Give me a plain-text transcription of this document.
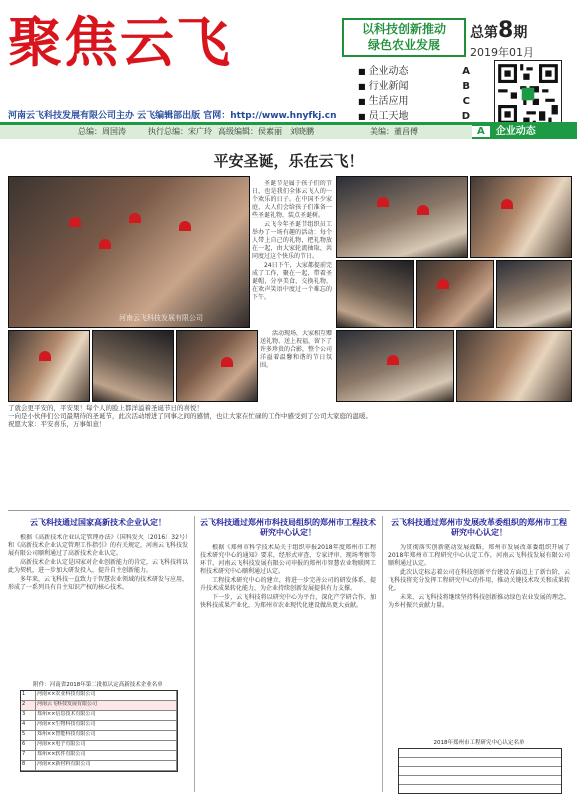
聚焦云飞	以科技创新推动
绿色农业发展
总第8期
2019年01月
■ 企业动态	A
■ 行业新闻	B
■ 生活应用	C
■ 员工天地	D
河南云飞科技发展有限公司主办 云飞编辑部出版 官网：http://www.hnyfkj.cn
总编：周国涛	执行总编：宋广玲 高级编辑：侯素丽 刘晓鹏	美编：董昌傅	A 企业动态
平安圣诞，乐在云飞！
河南云飞科技发展有限公司

圣诞节是属于孩子们的节日，也是我们全体云飞人的一个欢乐的日子。在中国不少家庭，大人们会给孩子们准备一些圣诞礼物，装点圣诞树。

云飞今年圣诞节组织员工举办了一场有趣的活动：每个人带上自己的礼物，把礼物放在一起，由大家轮流抽取，共同度过这个快乐的节日。

24日下午，大家都提前完成了工作，聚在一起，带着圣诞帽，分享美食、交换礼物，在欢声笑语中度过一个难忘的下午。

活动现场，大家相互赠送礼物、送上祝福，留下了许多珍贵的合影，整个公司洋溢着温馨和谐的节日氛围。

了就会更平安的，平安果！每个人的脸上都洋溢着圣诞节日的喜悦！
一向是小伙伴们公司最期待的圣诞节，此次活动增进了同事之间的感情，也让大家在忙碌的工作中感受到了公司大家庭的温暖。
祝愿大家：平安喜乐，万事如意！
云飞科技通过国家高新技术企业认定！

根据《高新技术企业认定管理办法》（国科发火〔2016〕32号）和《高新技术企业认定管理工作指引》的有关规定，河南云飞科技发展有限公司顺利通过了高新技术企业认定。

高新技术企业认定是国家对企业创新能力的肯定，云飞科技将以此为契机，进一步加大研发投入，提升自主创新能力。

多年来，云飞科技一直致力于智慧农业领域的技术研发与应用，形成了一系列具有自主知识产权的核心技术。

附件：河南省2018年第二批拟认定高新技术企业名单
1	河南××农业科技有限公司
2	河南云飞科技发展有限公司
3	郑州××信息技术有限公司
4	河南××生物科技有限公司
5	郑州××智能科技有限公司
6	河南××电子有限公司
7	郑州××软件有限公司
8	河南××新材料有限公司
云飞科技通过郑州市科技局组织的郑州市工程技术研究中心认定！

根据《郑州市科学技术局关于组织申报2018年度郑州市工程技术研究中心的通知》要求，经形式审查、专家评审、现场考察等环节，河南云飞科技发展有限公司申报的郑州市智慧农业物联网工程技术研究中心顺利通过认定。

工程技术研究中心的建立，将进一步完善公司的研发体系，提升技术成果转化能力，为企业持续创新发展提供有力支撑。

下一步，云飞科技将以研究中心为平台，深化产学研合作，加快科技成果产业化，为郑州市农业现代化建设做出更大贡献。

云飞科技通过郑州市发展改革委组织的郑州市工程研究中心认定！

为贯彻落实创新驱动发展战略，郑州市发展改革委组织开展了2018年郑州市工程研究中心认定工作，河南云飞科技发展有限公司顺利通过认定。

此次认定标志着公司在科技创新平台建设方面迈上了新台阶，云飞科技将充分发挥工程研究中心的作用，推动关键技术攻关和成果转化。

未来，云飞科技将继续坚持科技创新推动绿色农业发展的理念，为乡村振兴贡献力量。

2018年郑州市工程研究中心认定名单
